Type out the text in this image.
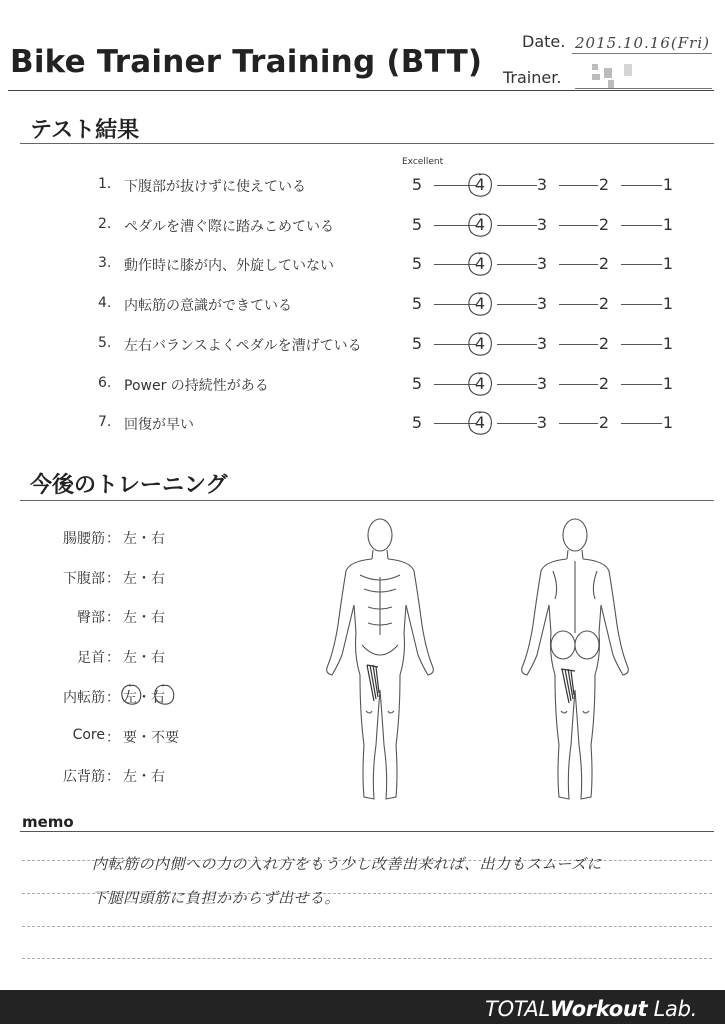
Bike Trainer Training (BTT)
Date. 2015.10.16(Fri)
Trainer.
テスト結果
Excellent
1. 下腹部が抜けずに使えている	5	4	3	2	1
2. ペダルを漕ぐ際に踏みこめている	5	4	3	2	1
3. 動作時に膝が内、外旋していない	5	4	3	2	1
4. 内転筋の意識ができている	5	4	3	2	1
5. 左右バランスよくペダルを漕げている	5	4	3	2	1
6. Power の持続性がある	5	4	3	2	1
7. 回復が早い	5	4	3	2	1
今後のトレーニング
腸腰筋 ： 左・右
下腹部 ： 左・右
臀部 ： 左・右
足首 ： 左・右
内転筋 ： 左・右
Core ： 要・不要
広背筋 ： 左・右
memo
内転筋の内側への力の入れ方をもう少し改善出来れば、出力もスムーズに
下腿四頭筋に負担かからず出せる。
TOTALWorkout Lab.
